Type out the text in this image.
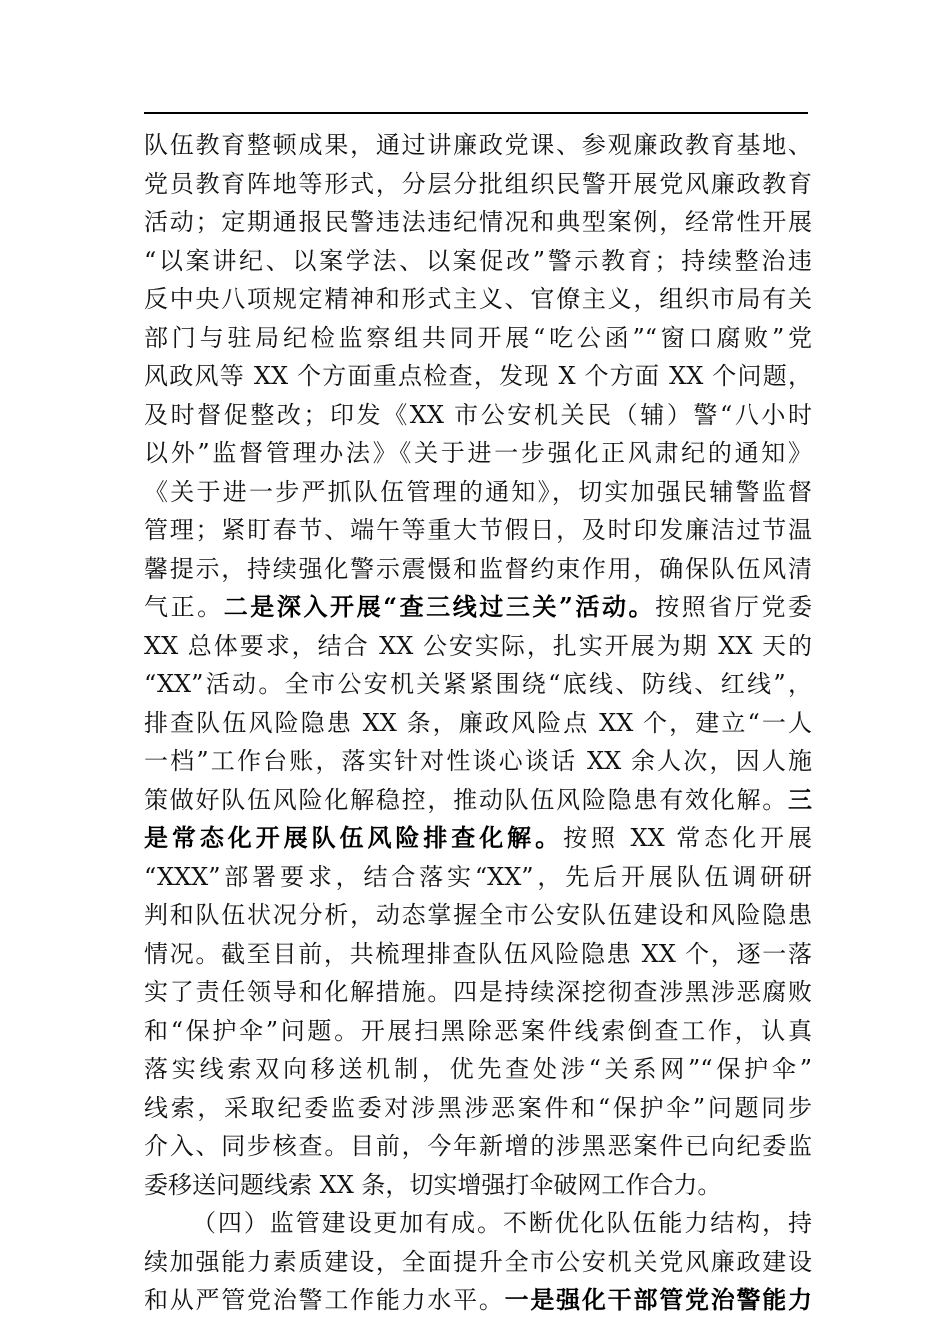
队伍教育整顿成果，通过讲廉政党课、参观廉政教育基地、
党员教育阵地等形式，分层分批组织民警开展党风廉政教育
活动；定期通报民警违法违纪情况和典型案例，经常性开展
“以案讲纪、以案学法、以案促改”警示教育；持续整治违
反中央八项规定精神和形式主义、官僚主义，组织市局有关
部门与驻局纪检监察组共同开展“吃公函”“窗口腐败”党
风政风等 XX 个方面重点检查，发现 X 个方面 XX 个问题，
及时督促整改；印发《XX 市公安机关民（辅）警“八小时
以外”监督管理办法》《关于进一步强化正风肃纪的通知》
《关于进一步严抓队伍管理的通知》，切实加强民辅警监督
管理；紧盯春节、端午等重大节假日，及时印发廉洁过节温
馨提示，持续强化警示震慑和监督约束作用，确保队伍风清
气正。二是深入开展“查三线过三关”活动。按照省厅党委
XX 总体要求，结合 XX 公安实际，扎实开展为期 XX 天的
“XX”活动。全市公安机关紧紧围绕“底线、防线、红线”，
排查队伍风险隐患 XX 条，廉政风险点 XX 个，建立“一人
一档”工作台账，落实针对性谈心谈话 XX 余人次，因人施
策做好队伍风险化解稳控，推动队伍风险隐患有效化解。三
是常态化开展队伍风险排查化解。按照 XX 常态化开展
“XXX”部署要求，结合落实“XX”，先后开展队伍调研研
判和队伍状况分析，动态掌握全市公安队伍建设和风险隐患
情况。截至目前，共梳理排查队伍风险隐患 XX 个，逐一落
实了责任领导和化解措施。四是持续深挖彻查涉黑涉恶腐败
和“保护伞”问题。开展扫黑除恶案件线索倒查工作，认真
落实线索双向移送机制，优先查处涉“关系网”“保护伞”
线索，采取纪委监委对涉黑涉恶案件和“保护伞”问题同步
介入、同步核查。目前，今年新增的涉黑恶案件已向纪委监
委移送问题线索 XX 条，切实增强打伞破网工作合力。
（四）监管建设更加有成。不断优化队伍能力结构，持
续加强能力素质建设，全面提升全市公安机关党风廉政建设
和从严管党治警工作能力水平。一是强化干部管党治警能力
